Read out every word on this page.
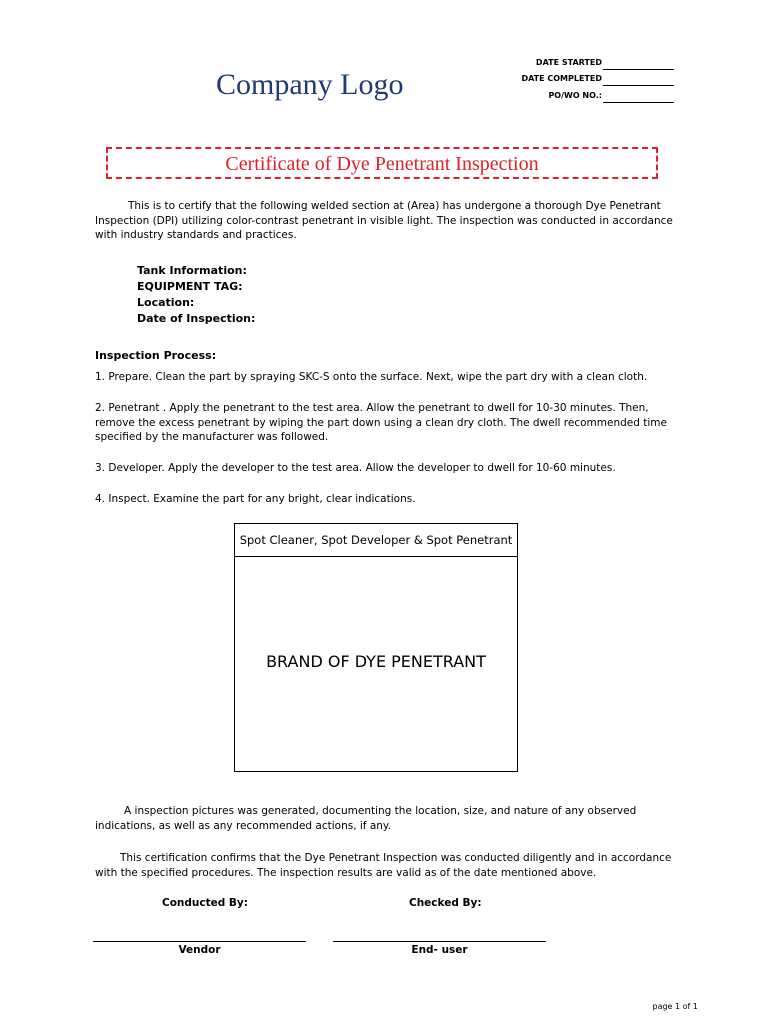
Company Logo
DATE STARTED
DATE COMPLETED
PO/WO NO.:
Certificate of Dye Penetrant Inspection
This is to certify that the following welded section at (Area) has undergone a thorough Dye Penetrant Inspection (DPI) utilizing color-contrast penetrant in visible light. The inspection was conducted in accordance with industry standards and practices.
Tank Information:
EQUIPMENT TAG:
Location:
Date of Inspection:
Inspection Process:
1. Prepare. Clean the part by spraying SKC-S onto the surface. Next, wipe the part dry with a clean cloth.
2. Penetrant . Apply the penetrant to the test area. Allow the penetrant to dwell for 10-30 minutes. Then, remove the excess penetrant by wiping the part down using a clean dry cloth. The dwell recommended time specified by the manufacturer was followed.
3. Developer. Apply the developer to the test area. Allow the developer to dwell for 10-60 minutes.
4. Inspect. Examine the part for any bright, clear indications.
Spot Cleaner, Spot Developer & Spot Penetrant
BRAND OF DYE PENETRANT
A inspection pictures was generated, documenting the location, size, and nature of any observed indications, as well as any recommended actions, if any.
This certification confirms that the Dye Penetrant Inspection was conducted diligently and in accordance with the specified procedures. The inspection results are valid as of the date mentioned above.
Conducted By:	Checked By:
Vendor	End- user
page 1 of 1
